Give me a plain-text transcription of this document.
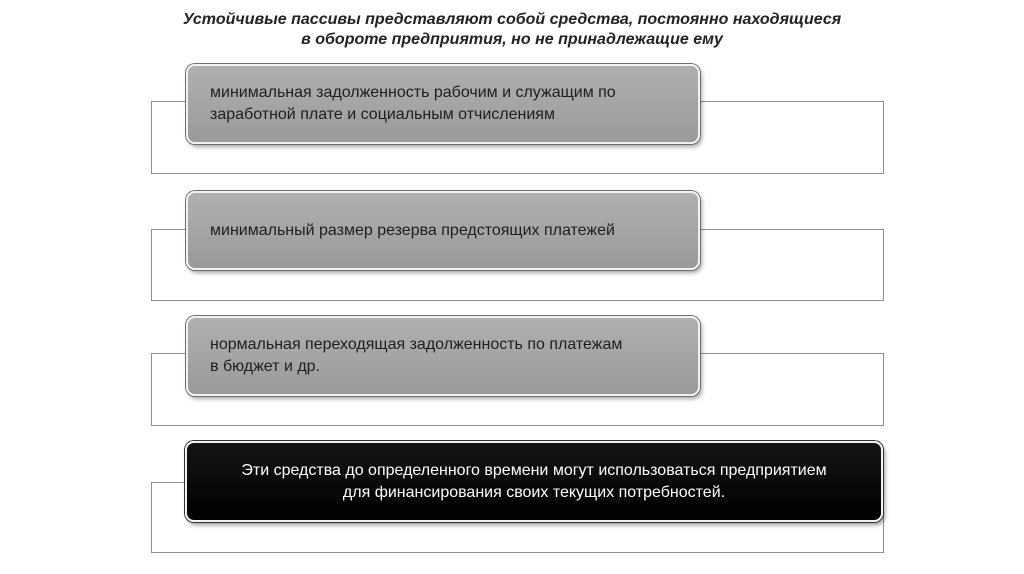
Устойчивые пассивы представляют собой средства, постоянно находящиеся
в обороте предприятия, но не принадлежащие ему
минимальная задолженность рабочим и служащим по
заработной плате и социальным отчислениям
минимальный размер резерва предстоящих платежей
нормальная переходящая задолженность по платежам
в бюджет и др.
Эти средства до определенного времени могут использоваться предприятием
для финансирования своих текущих потребностей.
